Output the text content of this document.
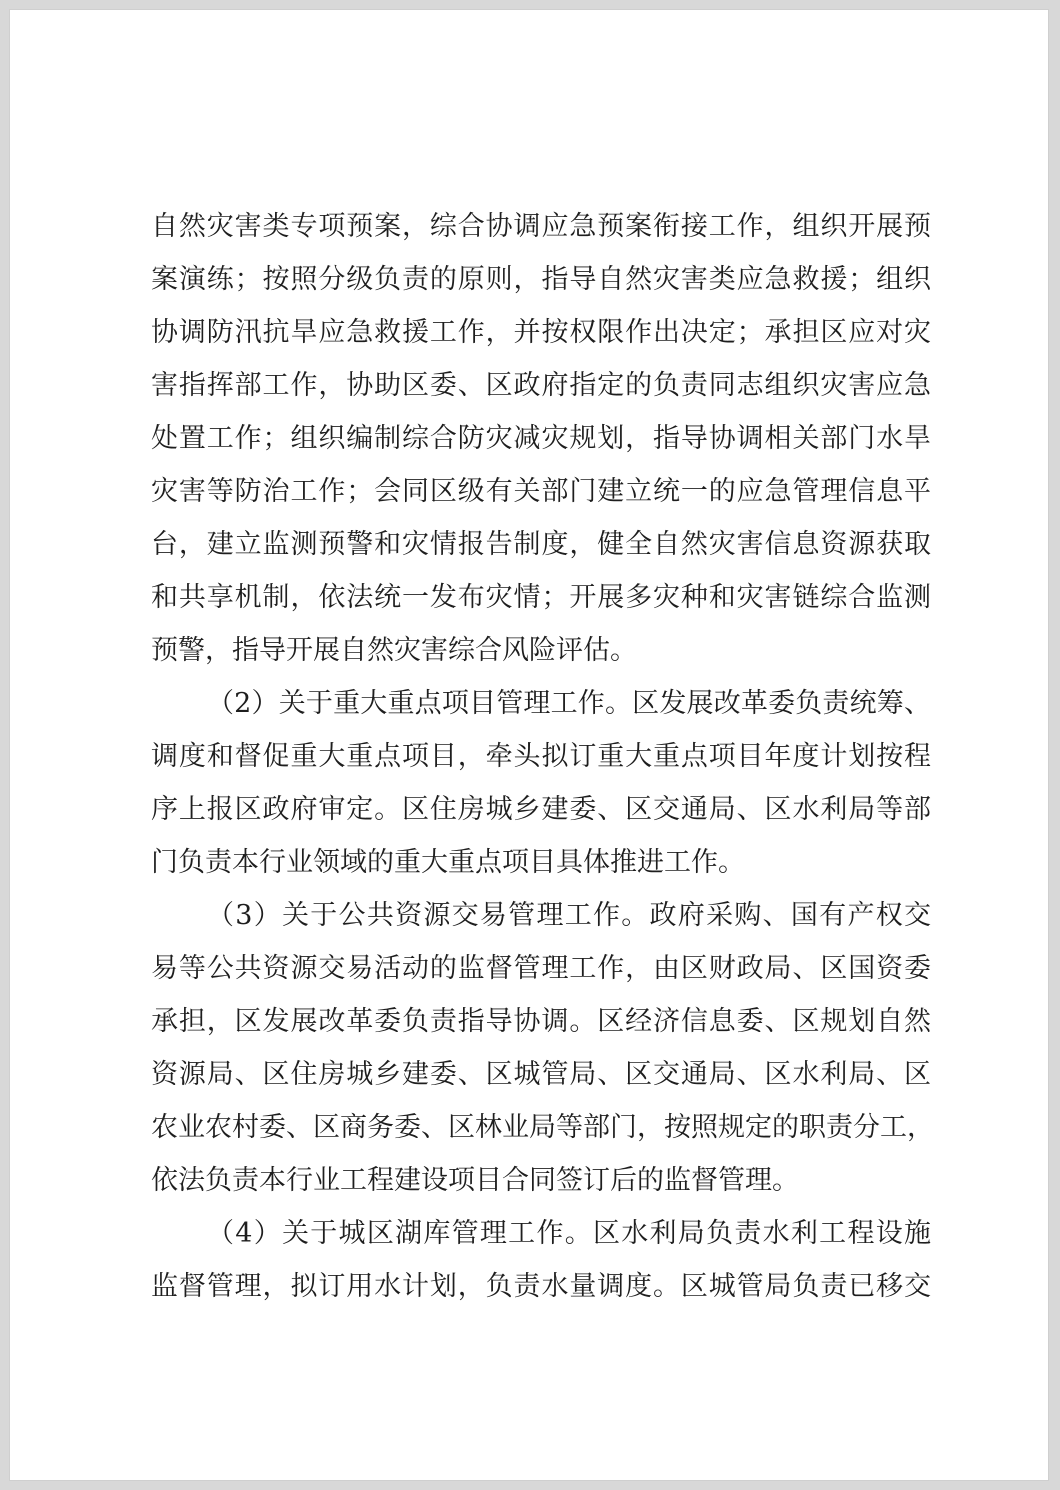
自然灾害类专项预案，综合协调应急预案衔接工作，组织开展预
案演练；按照分级负责的原则，指导自然灾害类应急救援；组织
协调防汛抗旱应急救援工作，并按权限作出决定；承担区应对灾
害指挥部工作，协助区委、区政府指定的负责同志组织灾害应急
处置工作；组织编制综合防灾减灾规划，指导协调相关部门水旱
灾害等防治工作；会同区级有关部门建立统一的应急管理信息平
台，建立监测预警和灾情报告制度，健全自然灾害信息资源获取
和共享机制，依法统一发布灾情；开展多灾种和灾害链综合监测
预警，指导开展自然灾害综合风险评估。
（2）关于重大重点项目管理工作。区发展改革委负责统筹、
调度和督促重大重点项目，牵头拟订重大重点项目年度计划按程
序上报区政府审定。区住房城乡建委、区交通局、区水利局等部
门负责本行业领域的重大重点项目具体推进工作。
（3）关于公共资源交易管理工作。政府采购、国有产权交
易等公共资源交易活动的监督管理工作，由区财政局、区国资委
承担，区发展改革委负责指导协调。区经济信息委、区规划自然
资源局、区住房城乡建委、区城管局、区交通局、区水利局、区
农业农村委、区商务委、区林业局等部门，按照规定的职责分工，
依法负责本行业工程建设项目合同签订后的监督管理。
（4）关于城区湖库管理工作。区水利局负责水利工程设施
监督管理，拟订用水计划，负责水量调度。区城管局负责已移交
